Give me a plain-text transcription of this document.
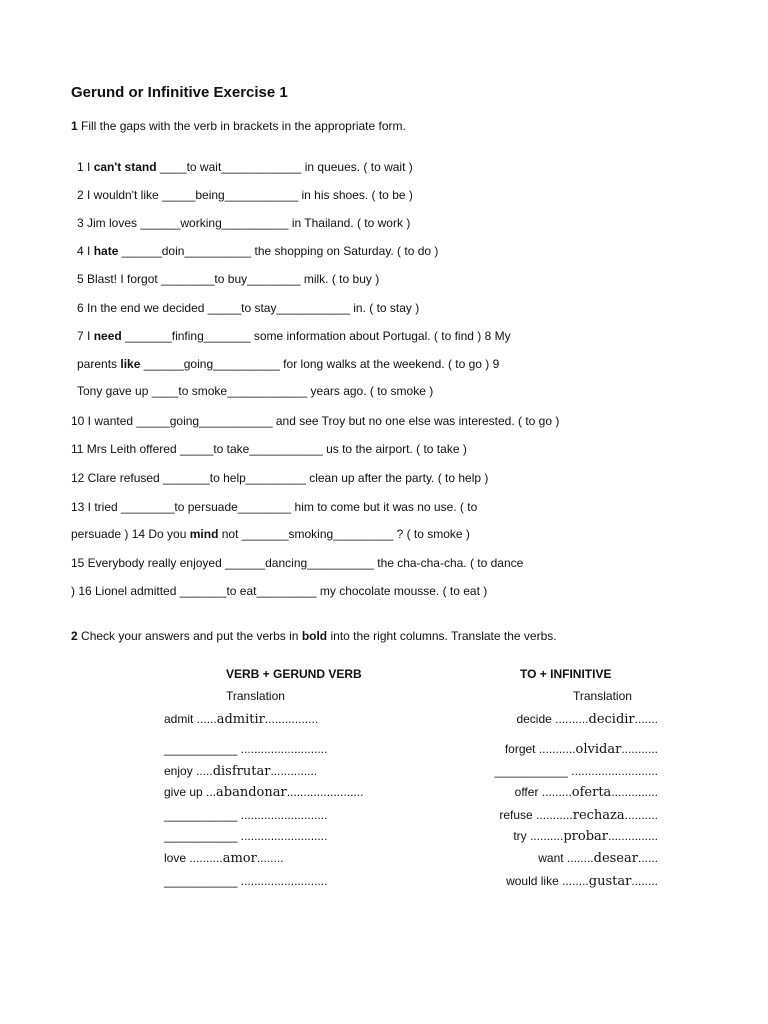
Gerund or Infinitive Exercise 1
1 Fill the gaps with the verb in brackets in the appropriate form.
1 I can't stand ____to wait____________ in queues. ( to wait )
2 I wouldn't like _____being___________ in his shoes. ( to be )
3 Jim loves ______working__________ in Thailand. ( to work )
4 I hate ______doin__________ the shopping on Saturday. ( to do )
5 Blast! I forgot ________to buy________ milk. ( to buy )
6 In the end we decided _____to stay___________ in. ( to stay )
7 I need _______finfing_______ some information about Portugal. ( to find ) 8 My
parents like ______going__________ for long walks at the weekend. ( to go ) 9
Tony gave up ____to smoke____________ years ago. ( to smoke )
10 I wanted _____going___________ and see Troy but no one else was interested. ( to go )
11 Mrs Leith offered _____to take___________ us to the airport. ( to take )
12 Clare refused _______to help_________ clean up after the party. ( to help )
13 I tried ________to persuade________ him to come but it was no use. ( to
persuade ) 14 Do you mind not _______smoking_________ ? ( to smoke )
15 Everybody really enjoyed ______dancing__________ the cha-cha-cha. ( to dance
) 16 Lionel admitted _______to eat_________ my chocolate mousse. ( to eat )
2 Check your answers and put the verbs in bold into the right columns. Translate the verbs.
VERB + GERUND VERB
Translation
TO + INFINITIVE
Translation
admit ......admitir................
___________ ..........................
enjoy .....disfrutar..............
give up ...abandonar.......................
___________ ..........................
___________ ..........................
love ..........amor........
___________ ..........................
decide ..........decidir.......
forget ...........olvidar...........
___________ ..........................
offer .........oferta..............
refuse ...........rechaza..........
try ..........probar...............
want ........desear......
would like ........gustar........
